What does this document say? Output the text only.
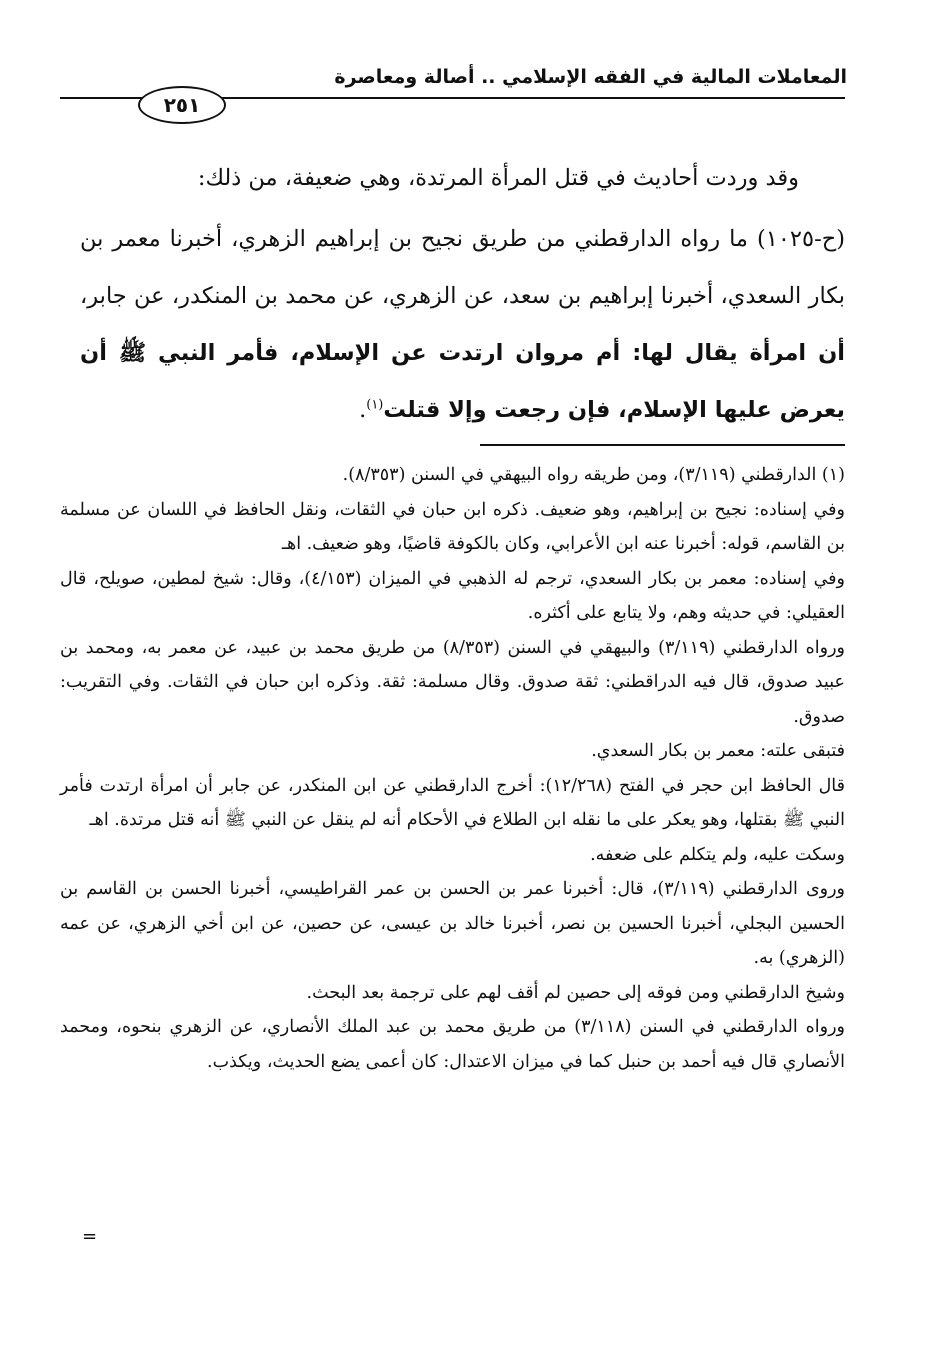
المعاملات المالية في الفقه الإسلامي .. أصالة ومعاصرة
٢٥١

وقد وردت أحاديث في قتل المرأة المرتدة، وهي ضعيفة، من ذلك:

(ح-١٠٢٥) ما رواه الدارقطني من طريق نجيح بن إبراهيم الزهري، أخبرنا معمر بن بكار السعدي، أخبرنا إبراهيم بن سعد، عن الزهري، عن محمد بن المنكدر، عن جابر، أن امرأة يقال لها: أم مروان ارتدت عن الإسلام، فأمر النبي ﷺ أن يعرض عليها الإسلام، فإن رجعت وإلا قتلت$^{(١)}$.

(١) الدارقطني (٣/١١٩)، ومن طريقه رواه البيهقي في السنن (٨/٣٥٣).

وفي إسناده: نجيح بن إبراهيم، وهو ضعيف. ذكره ابن حبان في الثقات، ونقل الحافظ في اللسان عن مسلمة بن القاسم، قوله: أخبرنا عنه ابن الأعرابي، وكان بالكوفة قاضيًا، وهو ضعيف. اهـ

وفي إسناده: معمر بن بكار السعدي، ترجم له الذهبي في الميزان (٤/١٥٣)، وقال: شيخ لمطين، صويلح، قال العقيلي: في حديثه وهم، ولا يتابع على أكثره.

ورواه الدارقطني (٣/١١٩) والبيهقي في السنن (٨/٣٥٣) من طريق محمد بن عبيد، عن معمر به، ومحمد بن عبيد صدوق، قال فيه الدراقطني: ثقة صدوق. وقال مسلمة: ثقة. وذكره ابن حبان في الثقات. وفي التقريب: صدوق.

فتبقى علته: معمر بن بكار السعدي.

قال الحافظ ابن حجر في الفتح (١٢/٢٦٨): أخرج الدارقطني عن ابن المنكدر، عن جابر أن امرأة ارتدت فأمر النبي ﷺ بقتلها، وهو يعكر على ما نقله ابن الطلاع في الأحكام أنه لم ينقل عن النبي ﷺ أنه قتل مرتدة. اهـ

وسكت عليه، ولم يتكلم على ضعفه.

وروى الدارقطني (٣/١١٩)، قال: أخبرنا عمر بن الحسن بن عمر القراطيسي، أخبرنا الحسن بن القاسم بن الحسين البجلي، أخبرنا الحسين بن نصر، أخبرنا خالد بن عيسى، عن حصين، عن ابن أخي الزهري، عن عمه (الزهري) به.

وشيخ الدارقطني ومن فوقه إلى حصين لم أقف لهم على ترجمة بعد البحث.

ورواه الدارقطني في السنن (٣/١١٨) من طريق محمد بن عبد الملك الأنصاري، عن الزهري بنحوه، ومحمد الأنصاري قال فيه أحمد بن حنبل كما في ميزان الاعتدال: كان أعمى يضع الحديث، ويكذب.

=
